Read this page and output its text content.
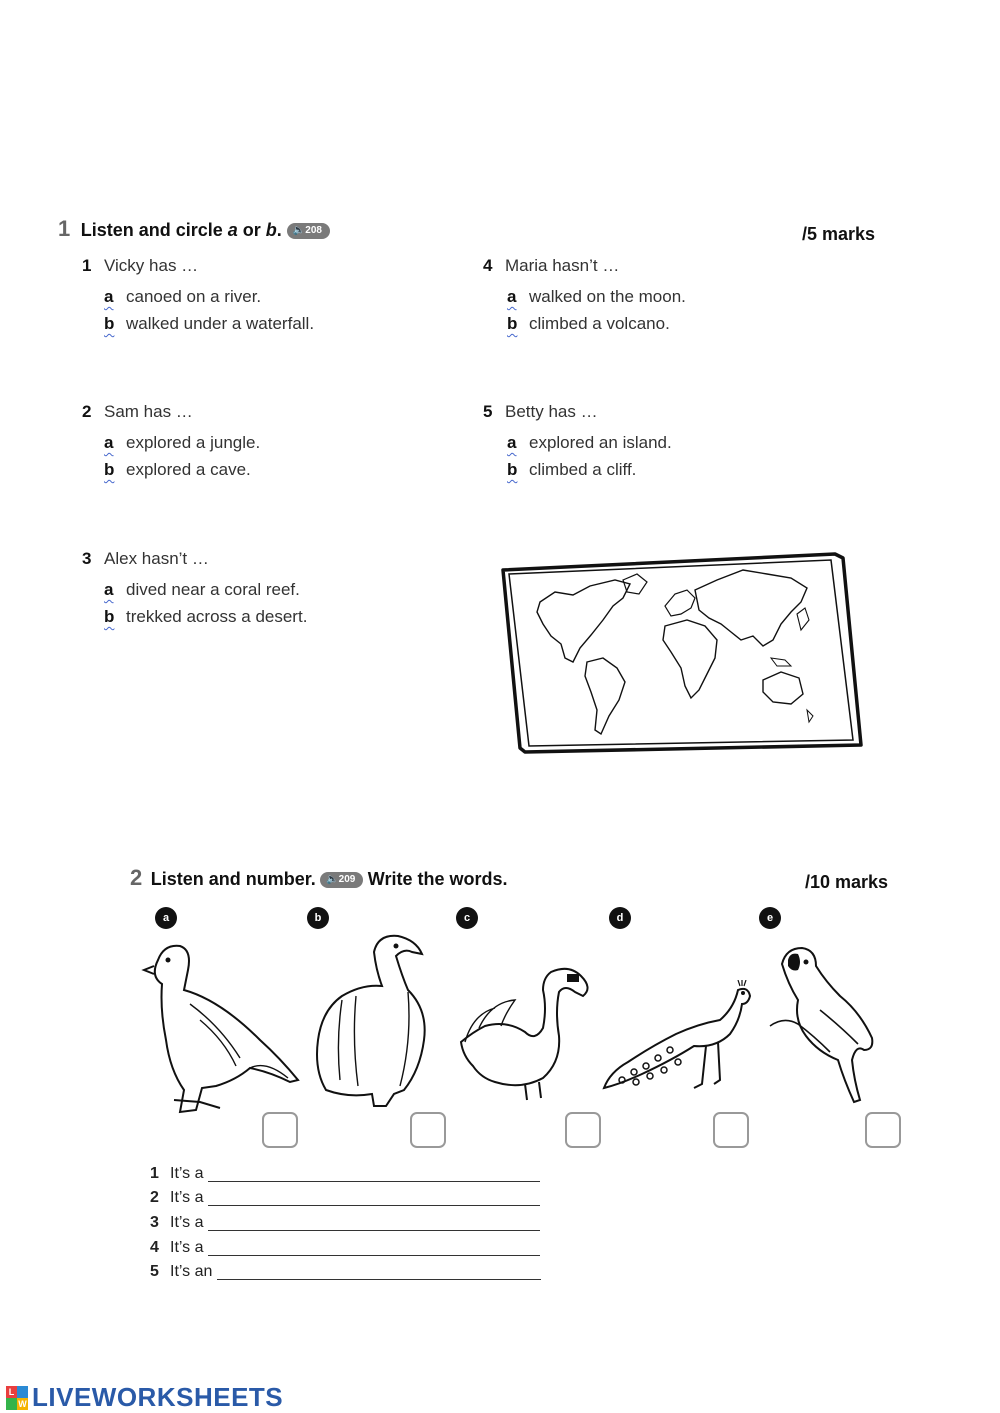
1 Listen and circle a or b. 🔈208	/5 marks
1 Vicky has …
a canoed on a river.
b walked under a waterfall.
2 Sam has …
a explored a jungle.
b explored a cave.
3 Alex hasn’t …
a dived near a coral reef.
b trekked across a desert.
4 Maria hasn’t …
a walked on the moon.
b climbed a volcano.
5 Betty has …
a explored an island.
b climbed a cliff.
2 Listen and number. 🔈209 Write the words.	/10 marks
a	b	c	d	e
1 It’s a
2 It’s a
3 It’s a
4 It’s a
5 It’s an
L
W LIVEWORKSHEETS
